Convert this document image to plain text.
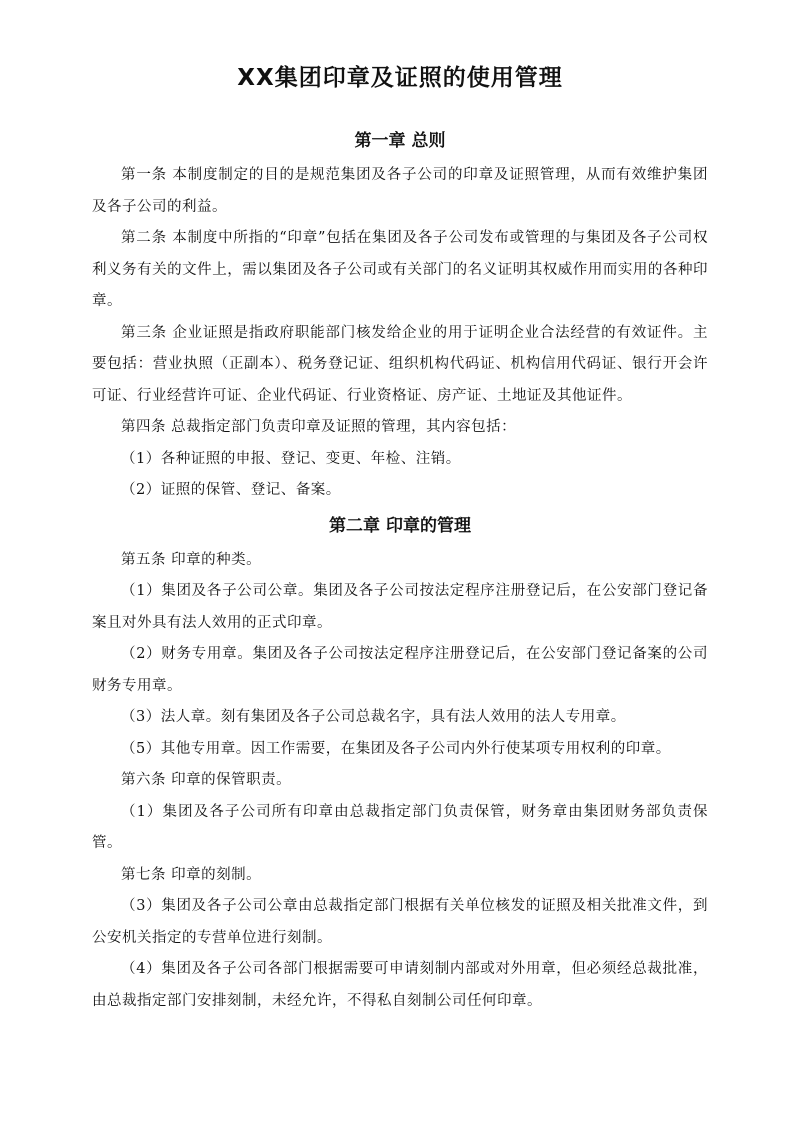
XX集团印章及证照的使用管理
第一章 总则

第一条 本制度制定的目的是规范集团及各子公司的印章及证照管理，从而有效维护集团及各子公司的利益。

第二条 本制度中所指的“印章”包括在集团及各子公司发布或管理的与集团及各子公司权利义务有关的文件上，需以集团及各子公司或有关部门的名义证明其权威作用而实用的各种印章。

第三条 企业证照是指政府职能部门核发给企业的用于证明企业合法经营的有效证件。主要包括：营业执照（正副本）、税务登记证、组织机构代码证、机构信用代码证、银行开会许可证、行业经营许可证、企业代码证、行业资格证、房产证、土地证及其他证件。

第四条 总裁指定部门负责印章及证照的管理，其内容包括：

（1）各种证照的申报、登记、变更、年检、注销。

（2）证照的保管、登记、备案。

第二章 印章的管理

第五条 印章的种类。

（1）集团及各子公司公章。集团及各子公司按法定程序注册登记后，在公安部门登记备案且对外具有法人效用的正式印章。

（2）财务专用章。集团及各子公司按法定程序注册登记后，在公安部门登记备案的公司财务专用章。

（3）法人章。刻有集团及各子公司总裁名字，具有法人效用的法人专用章。

（5）其他专用章。因工作需要，在集团及各子公司内外行使某项专用权利的印章。

第六条 印章的保管职责。

（1）集团及各子公司所有印章由总裁指定部门负责保管，财务章由集团财务部负责保管。

第七条 印章的刻制。

（3）集团及各子公司公章由总裁指定部门根据有关单位核发的证照及相关批准文件，到公安机关指定的专营单位进行刻制。

（4）集团及各子公司各部门根据需要可申请刻制内部或对外用章，但必须经总裁批准，由总裁指定部门安排刻制，未经允许，不得私自刻制公司任何印章。
